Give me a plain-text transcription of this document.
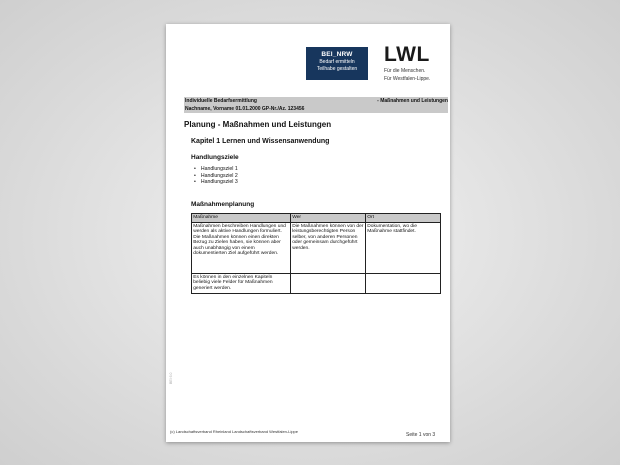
BEI_NRW
Bedarf ermitteln
Teilhabe gestalten
LWL
Für die Menschen.
Für Westfalen-Lippe.
Individuelle Bedarfsermittlung
Nachname, Vorname 01.01.2000 GP-Nr./Az. 123456
- Maßnahmen und Leistungen
Planung - Maßnahmen und Leistungen
Kapitel 1 Lernen und Wissensanwendung
Handlungsziele
• Handlungsziel 1
• Handlungsziel 2
• Handlungsziel 3
Maßnahmenplanung
Maßnahme	Wer	Ort
Maßnahmen beschreiben Handlungen und werden als aktive Handlungen formuliert. Die Maßnahmen können einen direkten Bezug zu Zielen haben, sie können aber auch unabhängig von einem dokumentierten Ziel aufgeführt werden.	Die Maßnahmen können von der leistungsberechtigten Person selber, von anderen Personen oder gemeinsam durchgeführt werden.	Dokumentation, wo die Maßnahme stattfindet.
Es können in den einzelnen Kapiteln beliebig viele Felder für Maßnahmen generiert werden.		
BEI 6.0
(c) Landschaftsverband Rheinland Landschaftsverband Westfalen-Lippe
Seite 1 von 3
